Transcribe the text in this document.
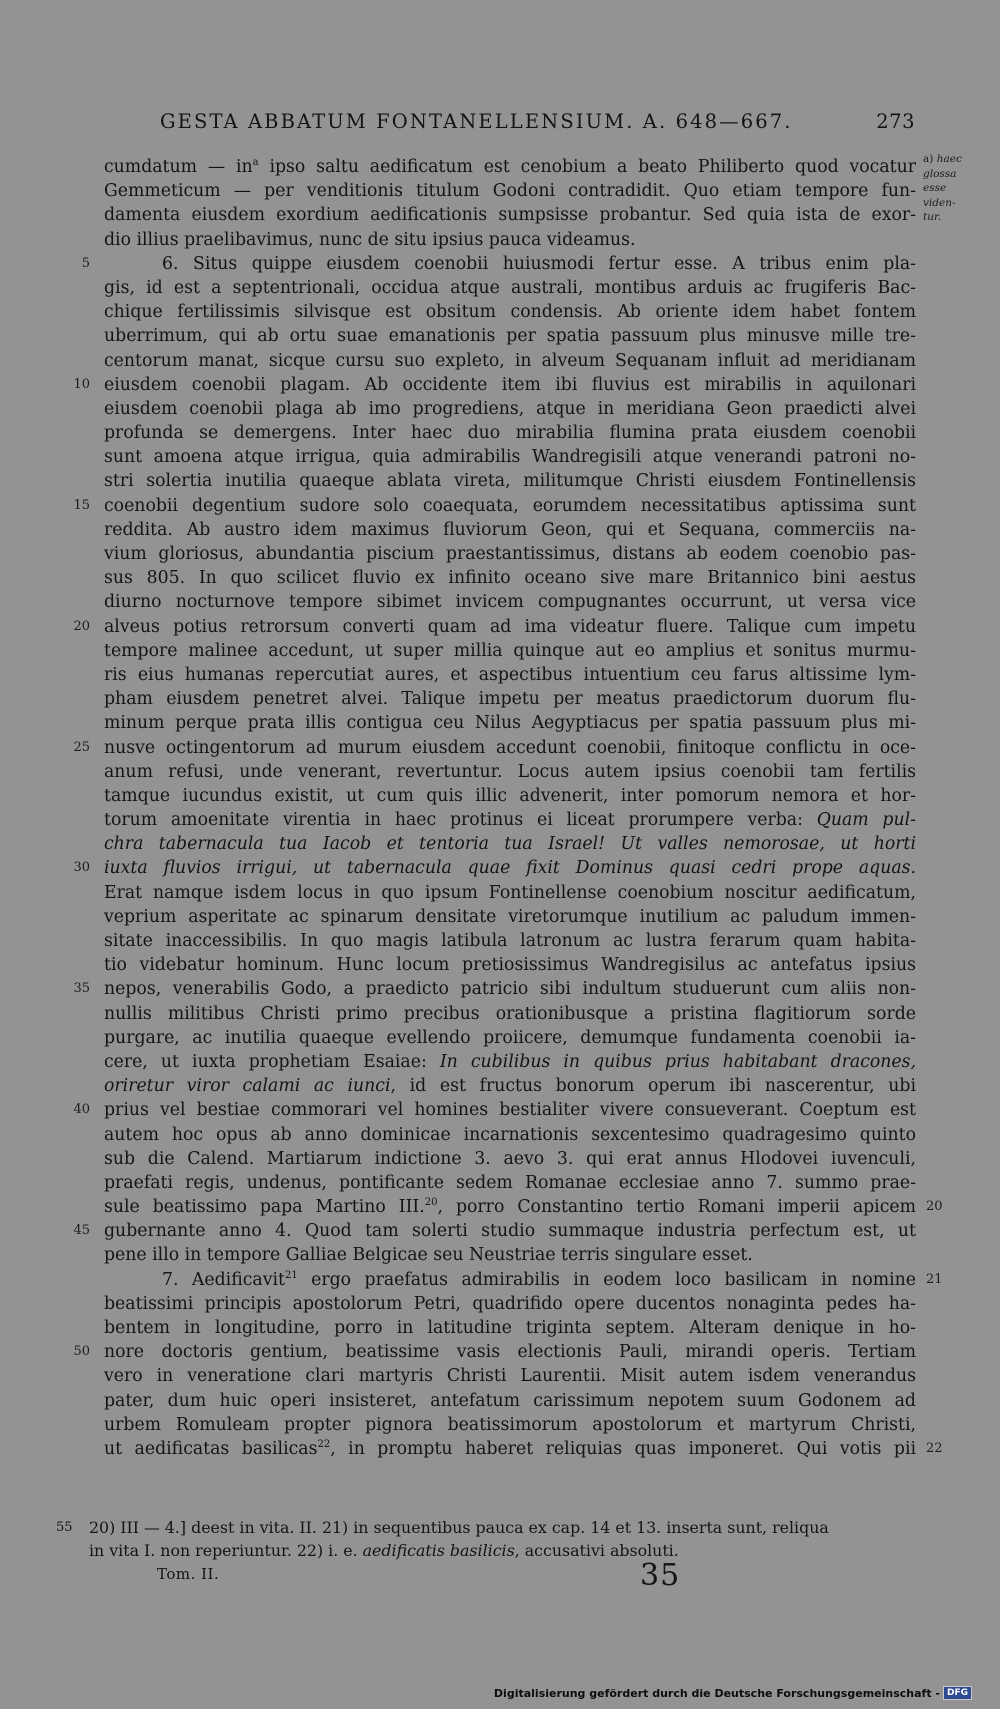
GESTA ABBATUM FONTANELLENSIUM. A. 648—667.	273
a) haec
glossa
esse
viden-
tur.
cumdatum — $in^a$ ipso saltu aedificatum est cenobium a beato Philiberto quod vocatur
Gemmeticum — per venditionis titulum Godoni contradidit. Quo etiam tempore fun-
damenta eiusdem exordium aedificationis sumpsisse probantur. Sed quia ista de exor-
dio illius praelibavimus, nunc de situ ipsius pauca videamus.
5	6. Situs quippe eiusdem coenobii huiusmodi fertur esse. A tribus enim pla-
gis, id est a septentrionali, occidua atque australi, montibus arduis ac frugiferis Bac-
chique fertilissimis silvisque est obsitum condensis. Ab oriente idem habet fontem
uberrimum, qui ab ortu suae emanationis per spatia passuum plus minusve mille tre-
centorum manat, sicque cursu suo expleto, in alveum Sequanam influit ad meridianam
10 eiusdem coenobii plagam. Ab occidente item ibi fluvius est mirabilis in aquilonari
eiusdem coenobii plaga ab imo progrediens, atque in meridiana Geon praedicti alvei
profunda se demergens. Inter haec duo mirabilia flumina prata eiusdem coenobii
sunt amoena atque irrigua, quia admirabilis Wandregisili atque venerandi patroni no-
stri solertia inutilia quaeque ablata vireta, militumque Christi eiusdem Fontinellensis
15 coenobii degentium sudore solo coaequata, eorumdem necessitatibus aptissima sunt
reddita. Ab austro idem maximus fluviorum Geon, qui et Sequana, commerciis na-
vium gloriosus, abundantia piscium praestantissimus, distans ab eodem coenobio pas-
sus 805. In quo scilicet fluvio ex infinito oceano sive mare Britannico bini aestus
diurno nocturnove tempore sibimet invicem compugnantes occurrunt, ut versa vice
20 alveus potius retrorsum converti quam ad ima videatur fluere. Talique cum impetu
tempore malinee accedunt, ut super millia quinque aut eo amplius et sonitus murmu-
ris eius humanas repercutiat aures, et aspectibus intuentium ceu farus altissime lym-
pham eiusdem penetret alvei. Talique impetu per meatus praedictorum duorum flu-
minum perque prata illis contigua ceu Nilus Aegyptiacus per spatia passuum plus mi-
25 nusve octingentorum ad murum eiusdem accedunt coenobii, finitoque conflictu in oce-
anum refusi, unde venerant, revertuntur. Locus autem ipsius coenobii tam fertilis
tamque iucundus existit, ut cum quis illic advenerit, inter pomorum nemora et hor-
torum amoenitate virentia in haec protinus ei liceat prorumpere verba: Quam pul-
chra tabernacula tua Iacob et tentoria tua Israel! Ut valles nemorosae, ut horti
30 iuxta fluvios irrigui, ut tabernacula quae fixit Dominus quasi cedri prope aquas.
Erat namque isdem locus in quo ipsum Fontinellense coenobium noscitur aedificatum,
veprium asperitate ac spinarum densitate viretorumque inutilium ac paludum immen-
sitate inaccessibilis. In quo magis latibula latronum ac lustra ferarum quam habita-
tio videbatur hominum. Hunc locum pretiosissimus Wandregisilus ac antefatus ipsius
35 nepos, venerabilis Godo, a praedicto patricio sibi indultum studuerunt cum aliis non-
nullis militibus Christi primo precibus orationibusque a pristina flagitiorum sorde
purgare, ac inutilia quaeque evellendo proiicere, demumque fundamenta coenobii ia-
cere, ut iuxta prophetiam Esaiae: In cubilibus in quibus prius habitabant dracones,
oriretur viror calami ac iunci, id est fructus bonorum operum ibi nascerentur, ubi
40 prius vel bestiae commorari vel homines bestialiter vivere consueverant. Coeptum est
autem hoc opus ab anno dominicae incarnationis sexcentesimo quadragesimo quinto
sub die Calend. Martiarum indictione 3. aevo 3. qui erat annus Hlodovei iuvenculi,
praefati regis, undenus, pontificante sedem Romanae ecclesiae anno 7. summo prae-
sule beatissimo papa Martino III.$^{20}$, porro Constantino tertio Romani imperii apicem 20
45 gubernante anno 4. Quod tam solerti studio summaque industria perfectum est, ut
pene illo in tempore Galliae Belgicae seu Neustriae terris singulare esset.
7. Aedificavit$^{21}$ ergo praefatus admirabilis in eodem loco basilicam in nomine 21
beatissimi principis apostolorum Petri, quadrifido opere ducentos nonaginta pedes ha-
bentem in longitudine, porro in latitudine triginta septem. Alteram denique in ho-
50 nore doctoris gentium, beatissime vasis electionis Pauli, mirandi operis. Tertiam
vero in veneratione clari martyris Christi Laurentii. Misit autem isdem venerandus
pater, dum huic operi insisteret, antefatum carissimum nepotem suum Godonem ad
urbem Romuleam propter pignora beatissimorum apostolorum et martyrum Christi,
ut aedificatas basilicas$^{22}$, in promptu haberet reliquias quas imponeret. Qui votis pii 22
55 20) III — 4.] deest in vita. II. 21) in sequentibus pauca ex cap. 14 et 13. inserta sunt, reliqua
in vita I. non reperiuntur. 22) i. e. aedificatis basilicis, accusativi absoluti.
Tom. II.	35
Digitalisierung gefördert durch die Deutsche Forschungsgemeinschaft - DFG
